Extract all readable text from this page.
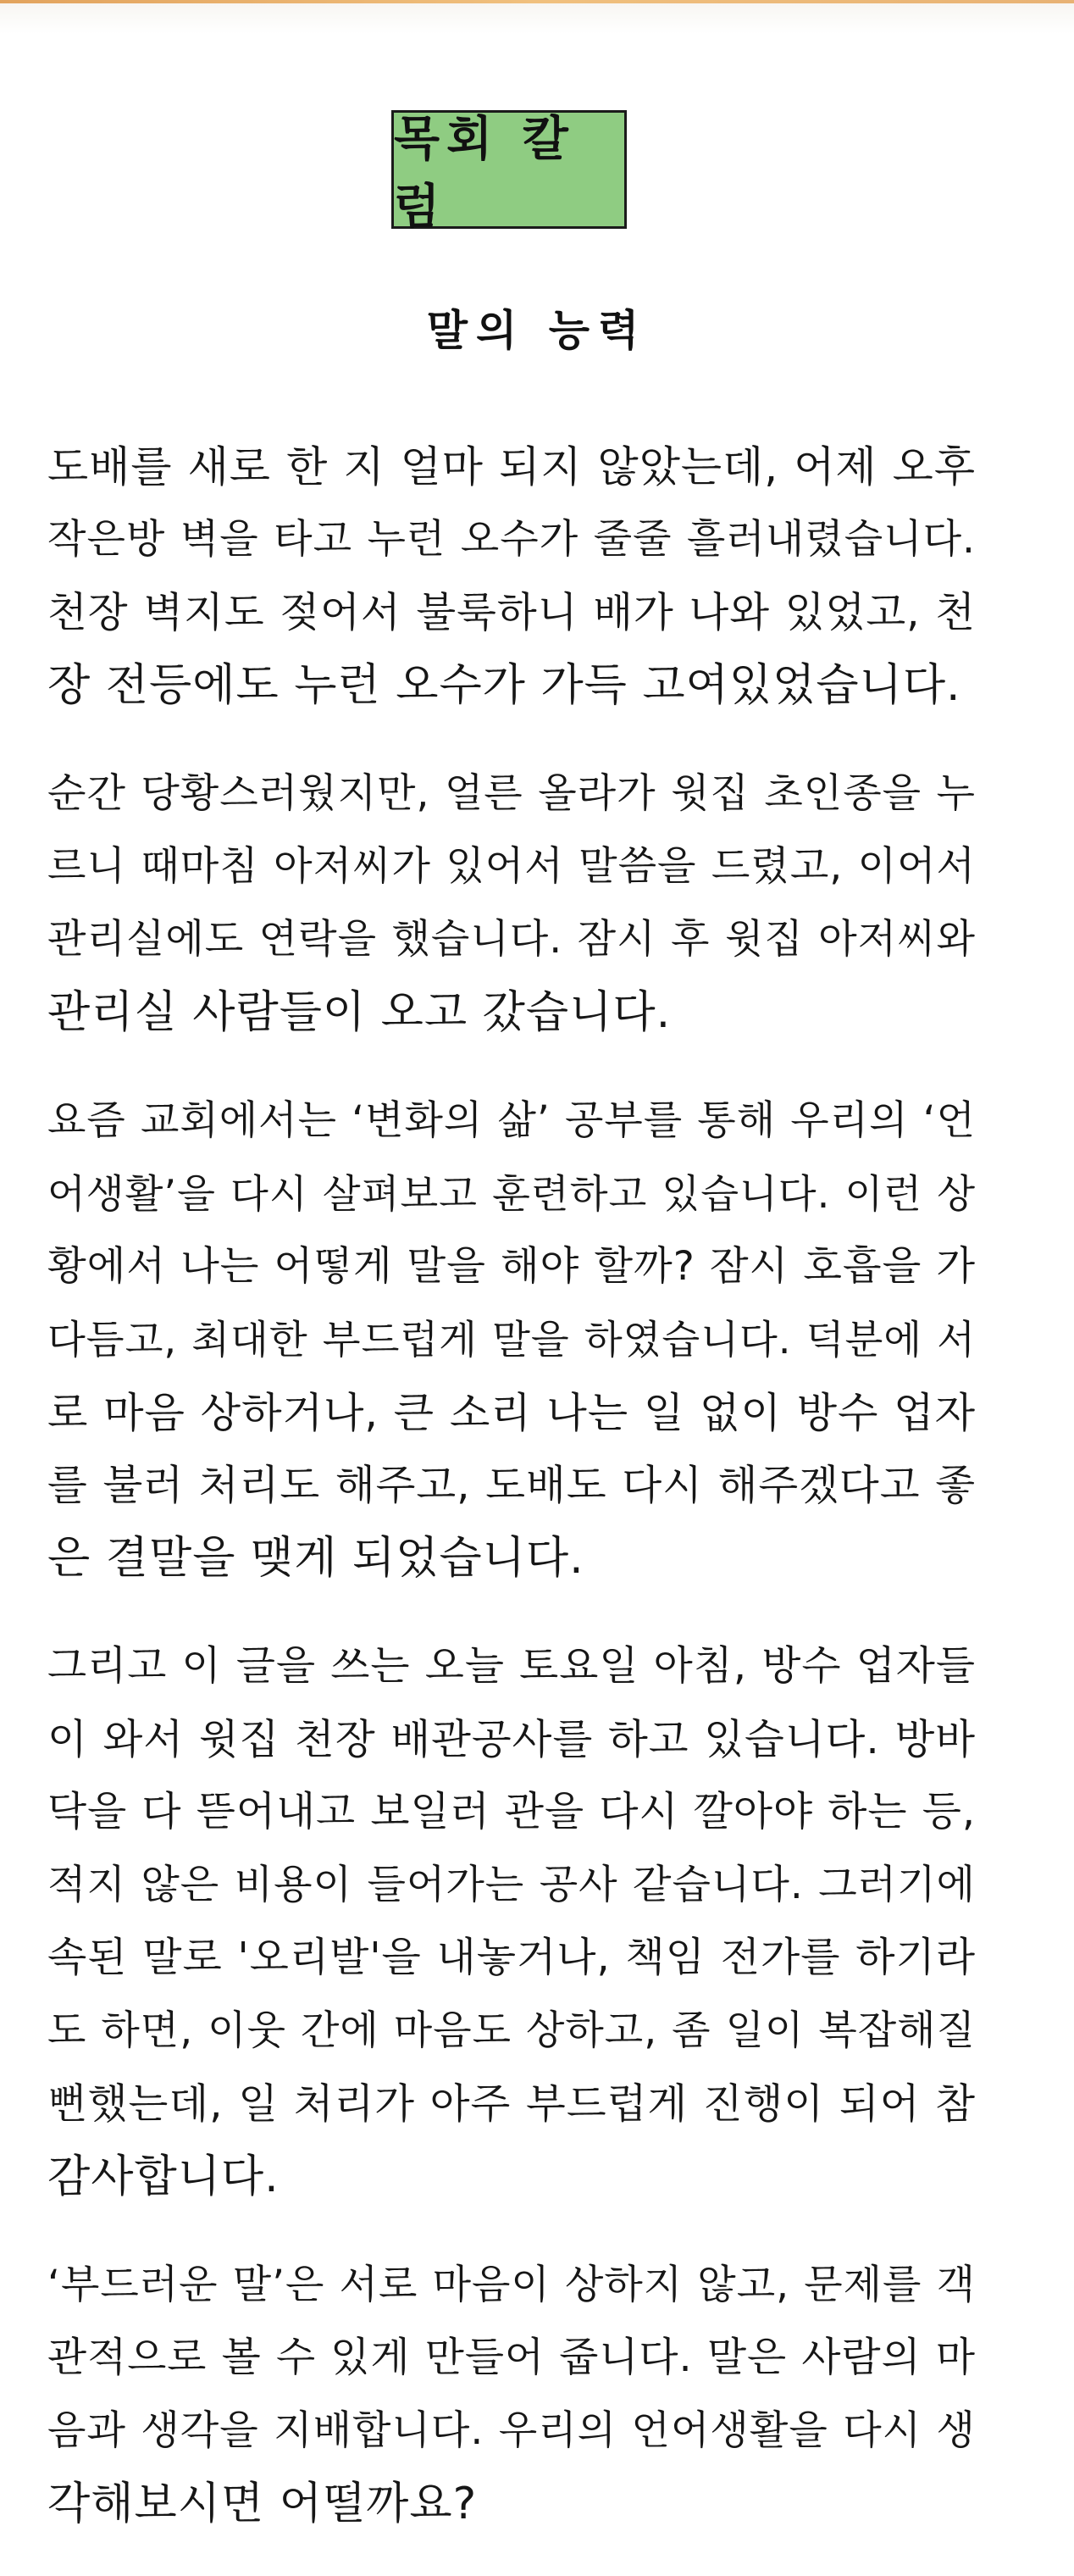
목회 칼럼
말의 능력
도배를 새로 한 지 얼마 되지 않았는데, 어제 오후
작은방 벽을 타고 누런 오수가 줄줄 흘러내렸습니다.
천장 벽지도 젖어서 불룩하니 배가 나와 있었고, 천
장 전등에도 누런 오수가 가득 고여있었습니다.
순간 당황스러웠지만, 얼른 올라가 윗집 초인종을 누
르니 때마침 아저씨가 있어서 말씀을 드렸고, 이어서
관리실에도 연락을 했습니다. 잠시 후 윗집 아저씨와
관리실 사람들이 오고 갔습니다.
요즘 교회에서는 ‘변화의 삶’ 공부를 통해 우리의 ‘언
어생활’을 다시 살펴보고 훈련하고 있습니다. 이런 상
황에서 나는 어떻게 말을 해야 할까? 잠시 호흡을 가
다듬고, 최대한 부드럽게 말을 하였습니다. 덕분에 서
로 마음 상하거나, 큰 소리 나는 일 없이 방수 업자
를 불러 처리도 해주고, 도배도 다시 해주겠다고 좋
은 결말을 맺게 되었습니다.
그리고 이 글을 쓰는 오늘 토요일 아침, 방수 업자들
이 와서 윗집 천장 배관공사를 하고 있습니다. 방바
닥을 다 뜯어내고 보일러 관을 다시 깔아야 하는 등,
적지 않은 비용이 들어가는 공사 같습니다. 그러기에
속된 말로 '오리발'을 내놓거나, 책임 전가를 하기라
도 하면, 이웃 간에 마음도 상하고, 좀 일이 복잡해질
뻔했는데, 일 처리가 아주 부드럽게 진행이 되어 참
감사합니다.
‘부드러운 말’은 서로 마음이 상하지 않고, 문제를 객
관적으로 볼 수 있게 만들어 줍니다. 말은 사람의 마
음과 생각을 지배합니다. 우리의 언어생활을 다시 생
각해보시면 어떨까요?
